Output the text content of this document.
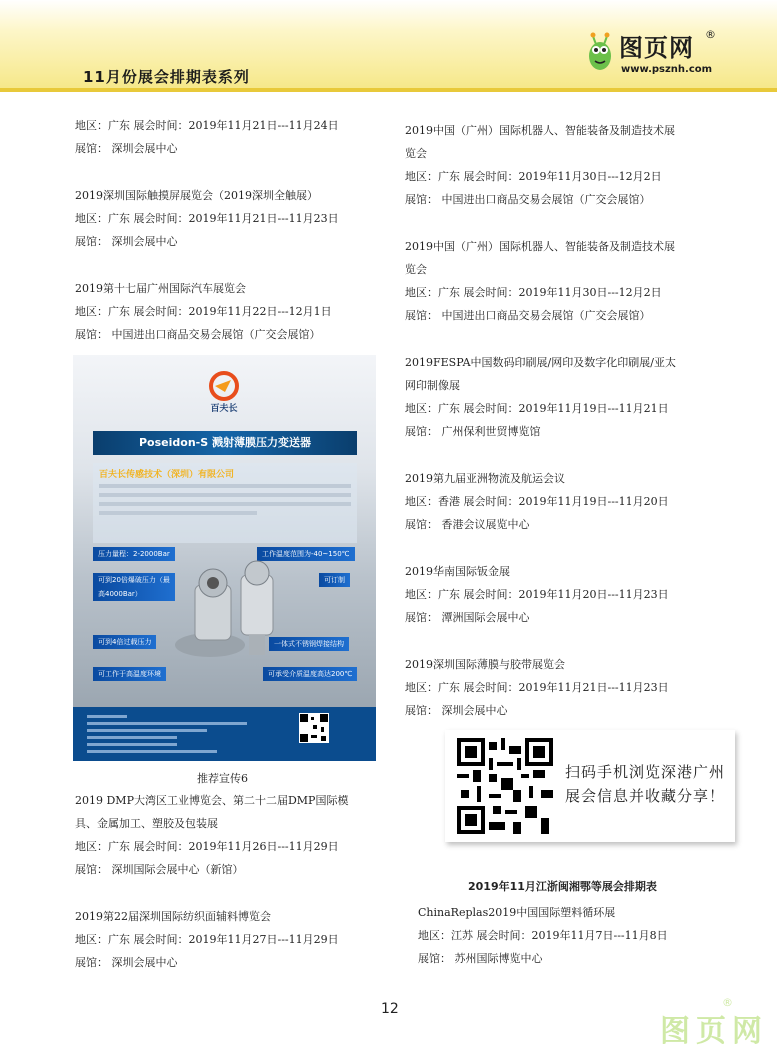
11月份展会排期表系列
图页网 ®
www.psznh.com

地区：广东 展会时间：2019年11月21日---11月24日

展馆： 深圳会展中心

2019深圳国际触摸屏展览会（2019深圳全触展）

地区：广东 展会时间：2019年11月21日---11月23日

展馆： 深圳会展中心

2019第十七届广州国际汽车展览会

地区：广东 展会时间：2019年11月22日---12月1日

展馆： 中国进出口商品交易会展馆（广交会展馆）

百夫长
Poseidon-S 溅射薄膜压力变送器
百夫长传感技术（深圳）有限公司
压力量程：2-2000Bar	工作温度范围为-40~150℃
可到20倍爆破压力（最高4000Bar）
可订制
可到4倍过载压力	一体式不锈钢焊接结构
可工作于高温度环境	可承受介质温度高达200℃
推荐宣传6

2019 DMP大湾区工业博览会、第二十二届DMP国际模

具、金属加工、塑胶及包装展

地区：广东 展会时间：2019年11月26日---11月29日

展馆： 深圳国际会展中心（新馆）

2019第22届深圳国际纺织面辅料博览会

地区：广东 展会时间：2019年11月27日---11月29日

展馆： 深圳会展中心

2019中国（广州）国际机器人、智能装备及制造技术展

览会

地区：广东 展会时间：2019年11月30日---12月2日

展馆： 中国进出口商品交易会展馆（广交会展馆）

2019中国（广州）国际机器人、智能装备及制造技术展

览会

地区：广东 展会时间：2019年11月30日---12月2日

展馆： 中国进出口商品交易会展馆（广交会展馆）

2019FESPA中国数码印刷展/网印及数字化印刷展/亚太

网印制像展

地区：广东 展会时间：2019年11月19日---11月21日

展馆： 广州保利世贸博览馆

2019第九届亚洲物流及航运会议

地区：香港 展会时间：2019年11月19日---11月20日

展馆： 香港会议展览中心

2019华南国际钣金展

地区：广东 展会时间：2019年11月20日---11月23日

展馆： 潭洲国际会展中心

2019深圳国际薄膜与胶带展览会

地区：广东 展会时间：2019年11月21日---11月23日

展馆： 深圳会展中心

扫码手机浏览深港广州
展会信息并收藏分享！
2019年11月江浙闽湘鄂等展会排期表

ChinaReplas2019中国国际塑料循环展

地区：江苏 展会时间：2019年11月7日---11月8日

展馆： 苏州国际博览中心

12
图页网
®
